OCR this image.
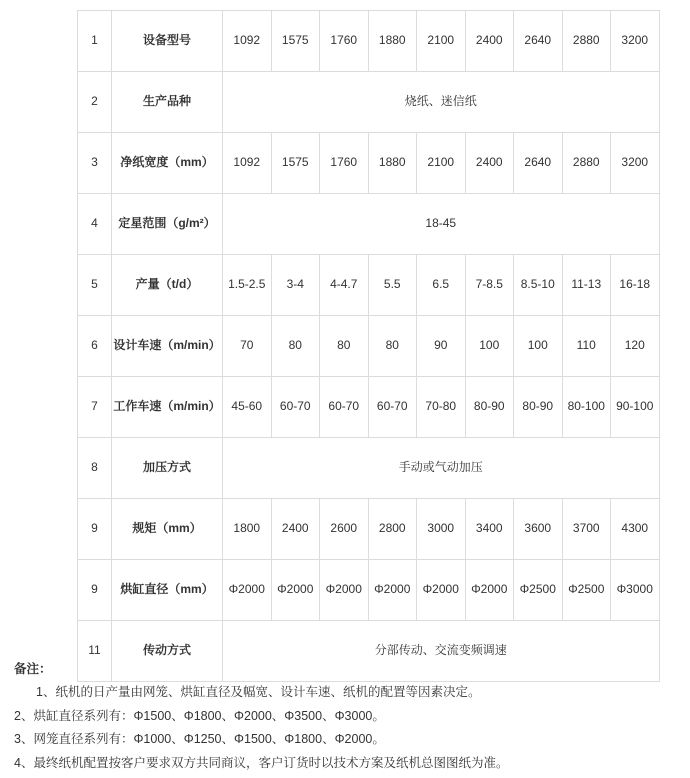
1	设备型号	1092	1575	1760	1880	2100	2400	2640	2880	3200
2	生产品种	烧纸、迷信纸								
3	净纸宽度（mm）	1092	1575	1760	1880	2100	2400	2640	2880	3200
4	定星范围（g/m²）	18-45								
5	产量（t/d）	1.5-2.5	3-4	4-4.7	5.5	6.5	7-8.5	8.5-10	11-13	16-18
6	设计车速（m/min）	70	80	80	80	90	100	100	110	120
7	工作车速（m/min）	45-60	60-70	60-70	60-70	70-80	80-90	80-90	80-100	90-100
8	加压方式	手动或气动加压								
9	规矩（mm）	1800	2400	2600	2800	3000	3400	3600	3700	4300
9	烘缸直径（mm）	Φ2000	Φ2000	Φ2000	Φ2000	Φ2000	Φ2000	Φ2500	Φ2500	Φ3000
11	传动方式	分部传动、交流变频调速								
备注：
1、纸机的日产量由网笼、烘缸直径及幅宽、设计车速、纸机的配置等因素决定。
2、烘缸直径系列有：Φ1500、Φ1800、Φ2000、Φ3500、Φ3000。
3、网笼直径系列有：Φ1000、Φ1250、Φ1500、Φ1800、Φ2000。
4、最终纸机配置按客户要求双方共同商议，客户订货时以技术方案及纸机总图图纸为准。
